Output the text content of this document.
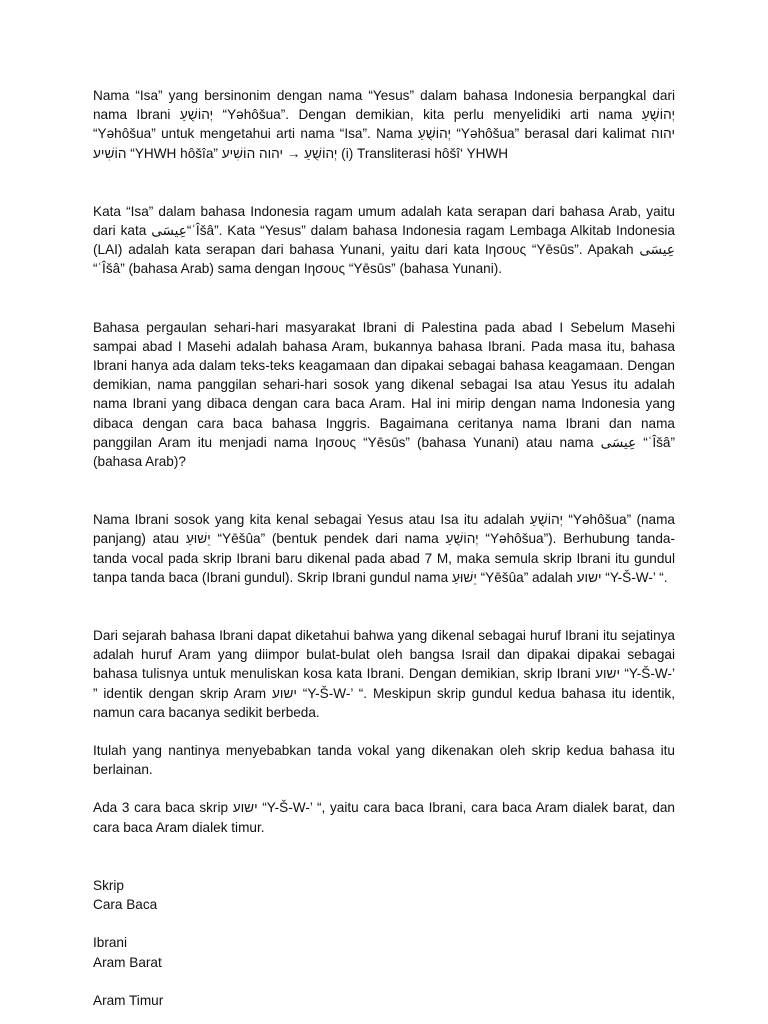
Nama “Isa” yang bersinonim dengan nama “Yesus” dalam bahasa Indonesia berpangkal dari nama Ibrani יְהוֹשֻׁעַ “Yəhôšua”. Dengan demikian, kita perlu menyelidiki arti nama יְהוֹשֻׁעַ “Yəhôšua” untuk mengetahui arti nama “Isa”. Nama יְהוֹשֻׁעַ “Yəhôšua” berasal dari kalimat יהוה הוֹשִׁיע “YHWH hôšîa” יְהוֹשֻׁעַ → יהוה הוֹשִׁיע (i) Transliterasi hôšî‘ YHWH

Kata “Isa” dalam bahasa Indonesia ragam umum adalah kata serapan dari bahasa Arab, yaitu dari kata عِيسَى“ʿÎšâ”. Kata “Yesus” dalam bahasa Indonesia ragam Lembaga Alkitab Indonesia (LAI) adalah kata serapan dari bahasa Yunani, yaitu dari kata Ιησους “Yēsūs”. Apakah عِيسَى “ʿÎšâ” (bahasa Arab) sama dengan Ιησους “Yēsūs” (bahasa Yunani).

Bahasa pergaulan sehari-hari masyarakat Ibrani di Palestina pada abad I Sebelum Masehi sampai abad I Masehi adalah bahasa Aram, bukannya bahasa Ibrani. Pada masa itu, bahasa Ibrani hanya ada dalam teks-teks keagamaan dan dipakai sebagai bahasa keagamaan. Dengan demikian, nama panggilan sehari-hari sosok yang dikenal sebagai Isa atau Yesus itu adalah nama Ibrani yang dibaca dengan cara baca Aram. Hal ini mirip dengan nama Indonesia yang dibaca dengan cara baca bahasa Inggris. Bagaimana ceritanya nama Ibrani dan nama panggilan Aram itu menjadi nama Ιησους “Yēsūs” (bahasa Yunani) atau nama عِيسَى “ʿÎšâ” (bahasa Arab)?

Nama Ibrani sosok yang kita kenal sebagai Yesus atau Isa itu adalah יְהוֹשֻׁעַ “Yəhôšua” (nama panjang) atau יֵשׁוּעַ “Yēšûa” (bentuk pendek dari nama יְהוֹשֻׁעַ “Yəhôšua”). Berhubung tanda-tanda vocal pada skrip Ibrani baru dikenal pada abad 7 M, maka semula skrip Ibrani itu gundul tanpa tanda baca (Ibrani gundul). Skrip Ibrani gundul nama יֵשׁוּעַ “Yēšûa” adalah ישוע “Y-Š-W-’ “.

Dari sejarah bahasa Ibrani dapat diketahui bahwa yang dikenal sebagai huruf Ibrani itu sejatinya adalah huruf Aram yang diimpor bulat-bulat oleh bangsa Israil dan dipakai dipakai sebagai bahasa tulisnya untuk menuliskan kosa kata Ibrani. Dengan demikian, skrip Ibrani ישוע “Y-Š-W-’ ” identik dengan skrip Aram ישוע “Y-Š-W-’ “. Meskipun skrip gundul kedua bahasa itu identik, namun cara bacanya sedikit berbeda.

Itulah yang nantinya menyebabkan tanda vokal yang dikenakan oleh skrip kedua bahasa itu berlainan.

Ada 3 cara baca skrip ישוע “Y-Š-W-’ “, yaitu cara baca Ibrani, cara baca Aram dialek barat, dan cara baca Aram dialek timur.

Skrip

Cara Baca

Ibrani

Aram Barat

Aram Timur
